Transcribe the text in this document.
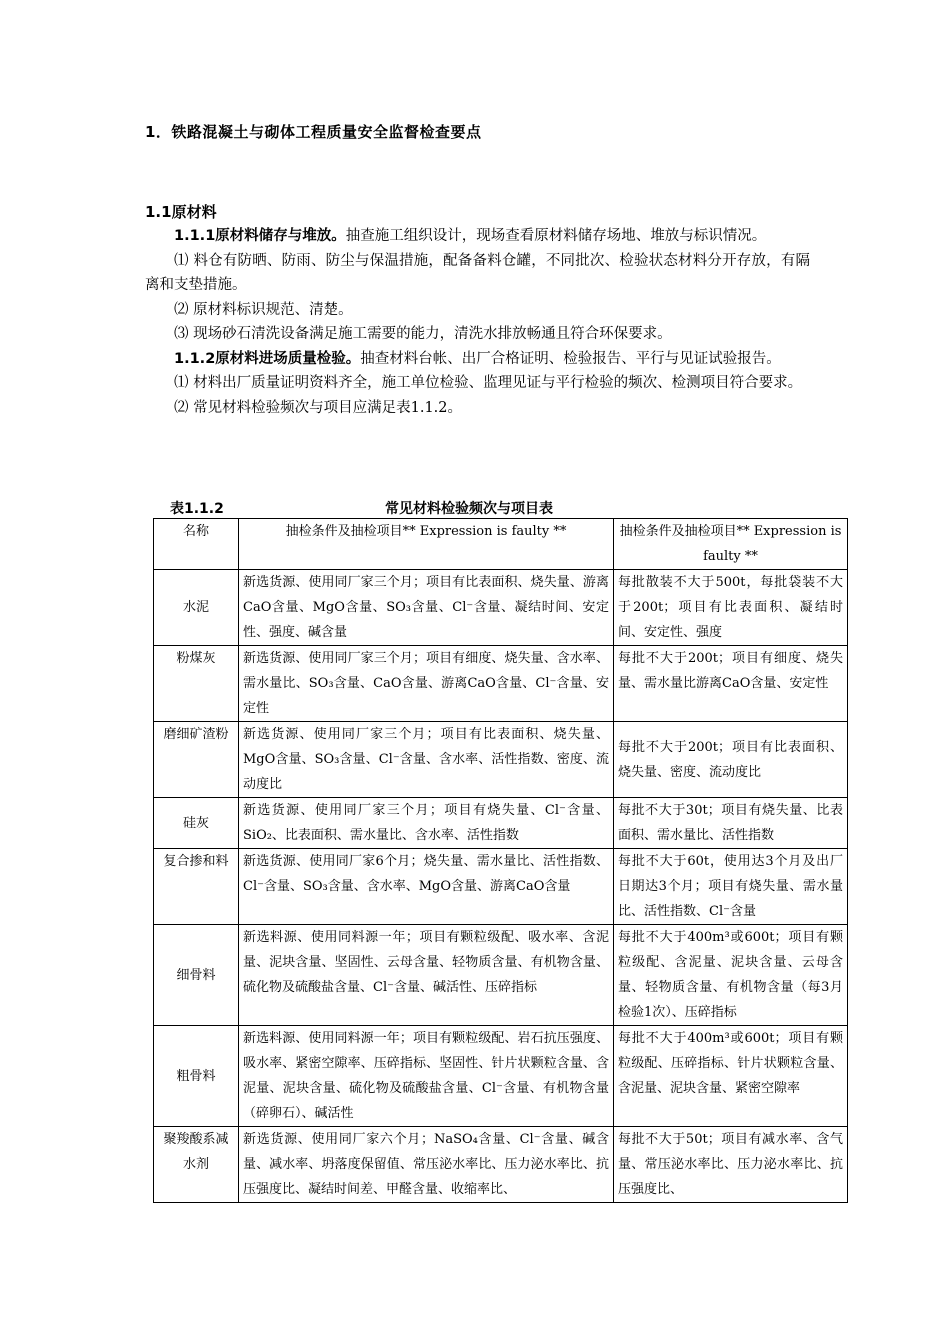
1．铁路混凝土与砌体工程质量安全监督检查要点
1.1原材料

1.1.1原材料储存与堆放。抽查施工组织设计，现场查看原材料储存场地、堆放与标识情况。

⑴ 料仓有防晒、防雨、防尘与保温措施，配备备料仓罐，不同批次、检验状态材料分开存放，有隔离和支垫措施。

⑵ 原材料标识规范、清楚。

⑶ 现场砂石清洗设备满足施工需要的能力，清洗水排放畅通且符合环保要求。

1.1.2原材料进场质量检验。抽查材料台帐、出厂合格证明、检验报告、平行与见证试验报告。

⑴ 材料出厂质量证明资料齐全，施工单位检验、监理见证与平行检验的频次、检测项目符合要求。

⑵ 常见材料检验频次与项目应满足表1.1.2。

表1.1.2	常见材料检验频次与项目表
名称	抽检条件及抽检项目** Expression is faulty **	抽检条件及抽检项目** Expression is faulty **
水泥	新选货源、使用同厂家三个月；项目有比表面积、烧失量、游离CaO含量、MgO含量、SO₃含量、Cl⁻含量、凝结时间、安定性、强度、碱含量	每批散装不大于500t，每批袋装不大于200t；项目有比表面积、凝结时间、安定性、强度
粉煤灰	新选货源、使用同厂家三个月；项目有细度、烧失量、含水率、需水量比、SO₃含量、CaO含量、游离CaO含量、Cl⁻含量、安定性	每批不大于200t；项目有细度、烧失量、需水量比游离CaO含量、安定性
磨细矿渣粉	新选货源、使用同厂家三个月；项目有比表面积、烧失量、MgO含量、SO₃含量、Cl⁻含量、含水率、活性指数、密度、流动度比	每批不大于200t；项目有比表面积、烧失量、密度、流动度比
硅灰	新选货源、使用同厂家三个月；项目有烧失量、Cl⁻含量、SiO₂、比表面积、需水量比、含水率、活性指数	每批不大于30t；项目有烧失量、比表面积、需水量比、活性指数
复合掺和料	新选货源、使用同厂家6个月；烧失量、需水量比、活性指数、Cl⁻含量、SO₃含量、含水率、MgO含量、游离CaO含量	每批不大于60t，使用达3个月及出厂日期达3个月；项目有烧失量、需水量比、活性指数、Cl⁻含量
细骨料	新选料源、使用同料源一年；项目有颗粒级配、吸水率、含泥量、泥块含量、坚固性、云母含量、轻物质含量、有机物含量、硫化物及硫酸盐含量、Cl⁻含量、碱活性、压碎指标	每批不大于400m³或600t；项目有颗粒级配、含泥量、泥块含量、云母含量、轻物质含量、有机物含量（每3月检验1次）、压碎指标
粗骨料	新选料源、使用同料源一年；项目有颗粒级配、岩石抗压强度、吸水率、紧密空隙率、压碎指标、坚固性、针片状颗粒含量、含泥量、泥块含量、硫化物及硫酸盐含量、Cl⁻含量、有机物含量（碎卵石）、碱活性	每批不大于400m³或600t；项目有颗粒级配、压碎指标、针片状颗粒含量、含泥量、泥块含量、紧密空隙率
聚羧酸系减水剂	新选货源、使用同厂家六个月；NaSO₄含量、Cl⁻含量、碱含量、减水率、坍落度保留值、常压泌水率比、压力泌水率比、抗压强度比、凝结时间差、甲醛含量、收缩率比、	每批不大于50t；项目有减水率、含气量、常压泌水率比、压力泌水率比、抗压强度比、
